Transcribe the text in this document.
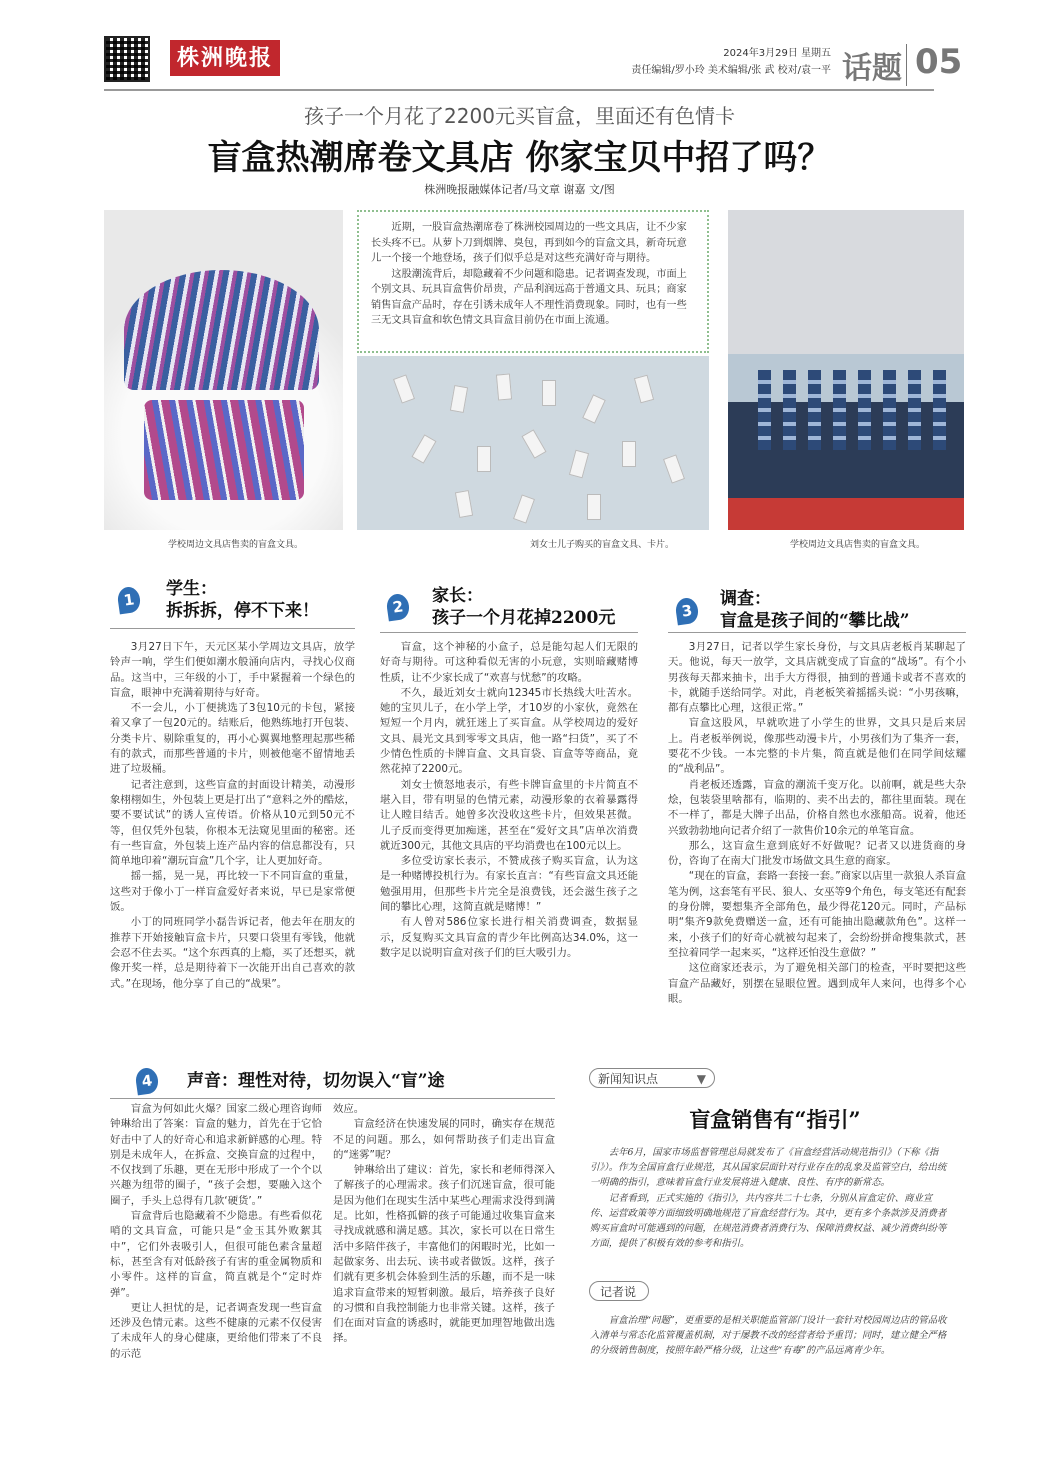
株洲晚报	2024年3月29日 星期五
责任编辑/罗小玲 美术编辑/张 武 校对/袁一平 话题 05
孩子一个月花了2200元买盲盒，里面还有色情卡
盲盒热潮席卷文具店 你家宝贝中招了吗？
株洲晚报融媒体记者/马文章 谢嘉 文/图

近期，一股盲盒热潮席卷了株洲校园周边的一些文具店，让不少家长头疼不已。从萝卜刀到烟牌、臭包，再到如今的盲盒文具，新奇玩意儿一个接一个地登场，孩子们似乎总是对这些充满好奇与期待。

这股潮流背后，却隐藏着不少问题和隐患。记者调查发现，市面上个别文具、玩具盲盒售价昂贵，产品利润远高于普通文具、玩具；商家销售盲盒产品时，存在引诱未成年人不理性消费现象。同时，也有一些三无文具盲盒和软色情文具盲盒目前仍在市面上流通。

学校周边文具店售卖的盲盒文具。	刘女士儿子购买的盲盒文具、卡片。	学校周边文具店售卖的盲盒文具。
1
学生：
拆拆拆，停不下来！

3月27日下午，天元区某小学周边文具店，放学铃声一响，学生们便如潮水般涌向店内，寻找心仪商品。这当中，三年级的小丁，手中紧握着一个绿色的盲盒，眼神中充满着期待与好奇。

不一会儿，小丁便挑选了3包10元的卡包，紧接着又拿了一包20元的。结账后，他熟练地打开包装、分类卡片、剔除重复的，再小心翼翼地整理起那些稀有的款式，而那些普通的卡片，则被他毫不留情地丢进了垃圾桶。

记者注意到，这些盲盒的封面设计精美，动漫形象栩栩如生，外包装上更是打出了“意料之外的酷炫，要不要试试”的诱人宣传语。价格从10元到50元不等，但仅凭外包装，你根本无法窥见里面的秘密。还有一些盲盒，外包装上连产品内容的信息都没有，只简单地印着“潮玩盲盒”几个字，让人更加好奇。

摇一摇，晃一晃，再比较一下不同盲盒的重量，这些对于像小丁一样盲盒爱好者来说，早已是家常便饭。

小丁的同班同学小磊告诉记者，他去年在朋友的推荐下开始接触盲盒卡片，只要口袋里有零钱，他就会忍不住去买。“这个东西真的上瘾，买了还想买，就像开奖一样，总是期待着下一次能开出自己喜欢的款式。”在现场，他分享了自己的“战果”。

2
家长：
孩子一个月花掉2200元

盲盒，这个神秘的小盒子，总是能勾起人们无限的好奇与期待。可这种看似无害的小玩意，实则暗藏赌博性质，让不少家长成了“欢喜与忧愁”的攻略。

不久，最近刘女士就向12345市长热线大吐苦水。她的宝贝儿子，在小学上学，才10岁的小家伙，竟然在短短一个月内，就狂迷上了买盲盒。从学校周边的爱好文具、晨光文具到零零文具店，他一路“扫货”，买了不少情色性质的卡牌盲盒、文具盲袋、盲盒等等商品，竟然花掉了2200元。

刘女士愤怒地表示，有些卡牌盲盒里的卡片简直不堪入目，带有明显的色情元素，动漫形象的衣着暴露得让人瞠目结舌。她曾多次没收这些卡片，但效果甚微。儿子反而变得更加痴迷，甚至在“爱好文具”店单次消费就近300元，其他文具店的平均消费也在100元以上。

多位受访家长表示，不赞成孩子购买盲盒，认为这是一种赌博投机行为。有家长直言：“有些盲盒文具还能勉强用用，但那些卡片完全是浪费钱，还会滋生孩子之间的攀比心理，这简直就是赌博！”

有人曾对586位家长进行相关消费调查，数据显示，反复购买文具盲盒的青少年比例高达34.0%，这一数字足以说明盲盒对孩子们的巨大吸引力。

3
调查：
盲盒是孩子间的“攀比战”

3月27日，记者以学生家长身份，与文具店老板肖某聊起了天。他说，每天一放学，文具店就变成了盲盒的“战场”。有个小男孩每天都来抽卡，出手大方得很，抽到的普通卡或者不喜欢的卡，就随手送给同学。对此，肖老板笑着摇摇头说：“小男孩嘛，都有点攀比心理，这很正常。”

盲盒这股风，早就吹进了小学生的世界，文具只是后来居上。肖老板举例说，像那些动漫卡片，小男孩们为了集齐一套，要花不少钱。一本完整的卡片集，简直就是他们在同学间炫耀的“战利品”。

肖老板还透露，盲盒的潮流千变万化。以前啊，就是些大杂烩，包装袋里啥都有，临期的、卖不出去的，都往里面装。现在不一样了，都是大牌子出品，价格自然也水涨船高。说着，他还兴致勃勃地向记者介绍了一款售价10余元的单笔盲盒。

那么，这盲盒生意到底好不好做呢？记者又以进货商的身份，咨询了在南大门批发市场做文具生意的商家。

“现在的盲盒，套路一套接一套。”商家以店里一款狼人杀盲盒笔为例，这套笔有平民、狼人、女巫等9个角色，每支笔还有配套的身份牌，要想集齐全部角色，最少得花120元。同时，产品标明“集齐9款免费赠送一盒，还有可能抽出隐藏款角色”。这样一来，小孩子们的好奇心就被勾起来了，会纷纷拼命搜集款式，甚至拉着同学一起来买，“这样还怕没生意做？”

这位商家还表示，为了避免相关部门的检查，平时要把这些盲盒产品藏好，别摆在显眼位置。遇到成年人来问，也得多个心眼。

4	声音：理性对待，切勿误入“盲”途

盲盒为何如此火爆？国家二级心理咨询师钟琳给出了答案：盲盒的魅力，首先在于它恰好击中了人的好奇心和追求新鲜感的心理。特别是未成年人，在拆盒、交换盲盒的过程中，不仅找到了乐趣，更在无形中形成了一个个以兴趣为纽带的圈子，“孩子会想，要融入这个圈子，手头上总得有几款‘硬货’。”

盲盒背后也隐藏着不少隐患。有些看似花哨的文具盲盒，可能只是“金玉其外败絮其中”，它们外表吸引人，但很可能色素含量超标，甚至含有对低龄孩子有害的重金属物质和小零件。这样的盲盒，简直就是个“定时炸弹”。

更让人担忧的是，记者调查发现一些盲盒还涉及色情元素。这些不健康的元素不仅侵害了未成年人的身心健康，更给他们带来了不良的示范

效应。

盲盒经济在快速发展的同时，确实存在规范不足的问题。那么，如何帮助孩子们走出盲盒的“迷雾”呢？

钟琳给出了建议：首先，家长和老师得深入了解孩子的心理需求。孩子们沉迷盲盒，很可能是因为他们在现实生活中某些心理需求没得到满足。比如，性格孤僻的孩子可能通过收集盲盒来寻找成就感和满足感。其次，家长可以在日常生活中多陪伴孩子，丰富他们的闲暇时光，比如一起做家务、出去玩、读书或者做饭。这样，孩子们就有更多机会体验到生活的乐趣，而不是一味追求盲盒带来的短暂刺激。最后，培养孩子良好的习惯和自我控制能力也非常关键。这样，孩子们在面对盲盒的诱惑时，就能更加理智地做出选择。

新闻知识点	▼
盲盒销售有“指引”

去年6月，国家市场监督管理总局就发布了《盲盒经营活动规范指引》（下称《指引》）。作为全国盲盒行业规范，其从国家层面针对行业存在的乱象及监管空白，给出统一明确的指引，意味着盲盒行业发展将进入健康、良性、有序的新常态。

记者看到，正式实施的《指引》，共内容共二十七条，分别从盲盒定价、商业宣传、运营政策等方面细致明确地规范了盲盒经营行为。其中，更有多个条款涉及消费者购买盲盒时可能遇到的问题，在规范消费者消费行为、保障消费权益、减少消费纠纷等方面，提供了积极有效的参考和指引。

记者说

盲盒治理“问题”，更重要的是相关职能监管部门设计一套针对校园周边店的管品收入清单与常态化监管覆盖机制，对于屡教不改的经营者给予重罚；同时，建立健全严格的分级销售制度，按照年龄严格分级，让这些“有毒”的产品远离青少年。
